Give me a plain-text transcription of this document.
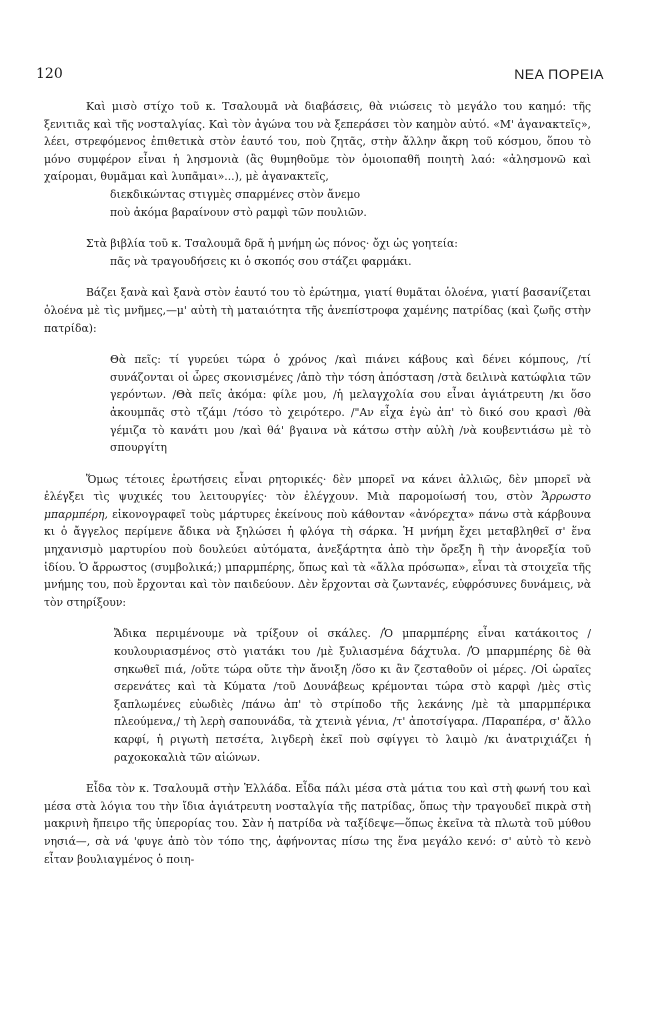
120	ΝΕΑ ΠΟΡΕΙΑ

Καὶ μισὸ στίχο τοῦ κ. Τσαλουμᾶ νὰ διαβάσεις, θὰ νιώσεις τὸ μεγάλο του καημό: τῆς ξενιτιᾶς καὶ τῆς νοσταλγίας. Καὶ τὸν ἀγώνα του νὰ ξεπεράσει τὸν καημὸν αὐτό. «Μ' ἀγανακτεῖς», λέει, στρεφόμενος ἐπιθετικὰ στὸν ἑαυτό του, ποὺ ζητᾶς, στὴν ἄλλην ἄκρη τοῦ κόσμου, ὅπου τὸ μόνο συμφέρον εἶναι ἡ λησμονιὰ (ἂς θυμηθοῦμε τὸν ὁμοιοπαθῆ ποιητὴ λαό: «ἀλησμονῶ καὶ χαίρομαι, θυμᾶμαι καὶ λυπᾶμαι»...), μὲ ἀγανακτεῖς,

διεκδικώντας στιγμὲς σπαρμένες στὸν ἄνεμο
ποὺ ἀκόμα βαραίνουν στὸ ραμφὶ τῶν πουλιῶν.

Στὰ βιβλία τοῦ κ. Τσαλουμᾶ δρᾶ ἡ μνήμη ὡς πόνος· ὄχι ὡς γοητεία:

πᾶς νὰ τραγουδήσεις κι ὁ σκοπός σου στάζει φαρμάκι.

Βάζει ξανὰ καὶ ξανὰ στὸν ἑαυτό του τὸ ἐρώτημα, γιατί θυμᾶται ὁλοένα, γιατί βασανίζεται ὁλοένα μὲ τὶς μνῆμες,—μ' αὐτὴ τὴ ματαιότητα τῆς ἀνεπίστροφα χαμένης πατρίδας (καὶ ζωῆς στὴν πατρίδα):

Θὰ πεῖς: τί γυρεύει τώρα ὁ χρόνος /καὶ πιάνει κάβους καὶ δένει κόμπους, /τί συνάζονται οἱ ὧρες σκονισμένες /ἀπὸ τὴν τόση ἀπόσταση /στὰ δειλινὰ κατώφλια τῶν γερόντων. /Θὰ πεῖς ἀκόμα: φίλε μου, /ἡ μελαγχολία σου εἶναι ἀγιάτρευτη /κι ὅσο ἀκουμπᾶς στὸ τζάμι /τόσο τὸ χειρότερο. /"Αν εἶχα ἐγὼ ἀπ' τὸ δικό σου κρασὶ /θὰ γέμιζα τὸ κανάτι μου /καὶ θά' βγαινα νὰ κάτσω στὴν αὐλὴ /νὰ κουβεντιάσω μὲ τὸ σπουργίτη

Ὅμως τέτοιες ἐρωτήσεις εἶναι ρητορικές· δὲν μπορεῖ να κάνει ἀλλιῶς, δὲν μπορεῖ νὰ ἐλέγξει τὶς ψυχικές του λειτουργίες· τὸν ἐλέγχουν. Μιὰ παρομοίωσή του, στὸν Ἄρρωστο μπαρμπέρη, εἰκονογραφεῖ τοὺς μάρτυρες ἐκείνους ποὺ κάθονταν «ἀνόρεχτα» πάνω στὰ κάρβουνα κι ὁ ἄγγελος περίμενε ἄδικα νὰ ξηλώσει ἡ φλόγα τὴ σάρκα. Ἡ μνήμη ἔχει μεταβληθεῖ σ' ἕνα μηχανισμὸ μαρτυρίου ποὺ δουλεύει αὐτόματα, ἀνεξάρτητα ἀπὸ τὴν ὄρεξη ἢ τὴν ἀνορεξία τοῦ ἰδίου. Ὁ ἄρρωστος (συμβολικά;) μπαρμπέρης, ὅπως καὶ τὰ «ἄλλα πρόσωπα», εἶναι τὰ στοιχεῖα τῆς μνήμης του, ποὺ ἔρχονται καὶ τὸν παιδεύουν. Δὲν ἔρχονται σὰ ζωντανές, εὐφρόσυνες δυνάμεις, νὰ τὸν στηρίξουν:

Ἄδικα περιμένουμε νὰ τρίξουν οἱ σκάλες. /Ὁ μπαρμπέρης εἶναι κατάκοιτος /κουλουριασμένος στὸ γιατάκι του /μὲ ξυλιασμένα δάχτυλα. /Ὁ μπαρμπέρης δὲ θὰ σηκωθεῖ πιά, /οὔτε τώρα οὔτε τὴν ἄνοιξη /ὅσο κι ἂν ζεσταθοῦν οἱ μέρες. /Οἱ ὡραῖες σερενάτες καὶ τὰ Κύματα /τοῦ Δουνάβεως κρέμονται τώρα στὸ καρφὶ /μὲς στὶς ξαπλωμένες εὐωδιὲς /πάνω ἀπ' τὸ στρίποδο τῆς λεκάνης /μὲ τὰ μπαρμπέρικα πλεούμενα,/ τὴ λερὴ σαπουνάδα, τὰ χτενιὰ γένια, /τ' ἀποτσίγαρα. /Παραπέρα, σ' ἄλλο καρφί, ἡ ριγωτὴ πετσέτα, λιγδερὴ ἐκεῖ ποὺ σφίγγει τὸ λαιμὸ /κι ἀνατριχιάζει ἡ ραχοκοκαλιὰ τῶν αἰώνων.

Εἶδα τὸν κ. Τσαλουμᾶ στὴν Ἑλλάδα. Εἶδα πάλι μέσα στὰ μάτια του καὶ στὴ φωνή του καὶ μέσα στὰ λόγια του τὴν ἴδια ἀγιάτρευτη νοσταλγία τῆς πατρίδας, ὅπως τὴν τραγουδεῖ πικρὰ στὴ μακρινὴ ἤπειρο τῆς ὑπερορίας του. Σὰν ἡ πατρίδα νὰ ταξίδεψε—ὅπως ἐκεῖνα τὰ πλωτὰ τοῦ μύθου νησιά—, σὰ νά 'φυγε ἀπὸ τὸν τόπο της, ἀφήνοντας πίσω της ἕνα μεγάλο κενό: σ' αὐτὸ τὸ κενὸ εἶταν βουλιαγμένος ὁ ποιη-
